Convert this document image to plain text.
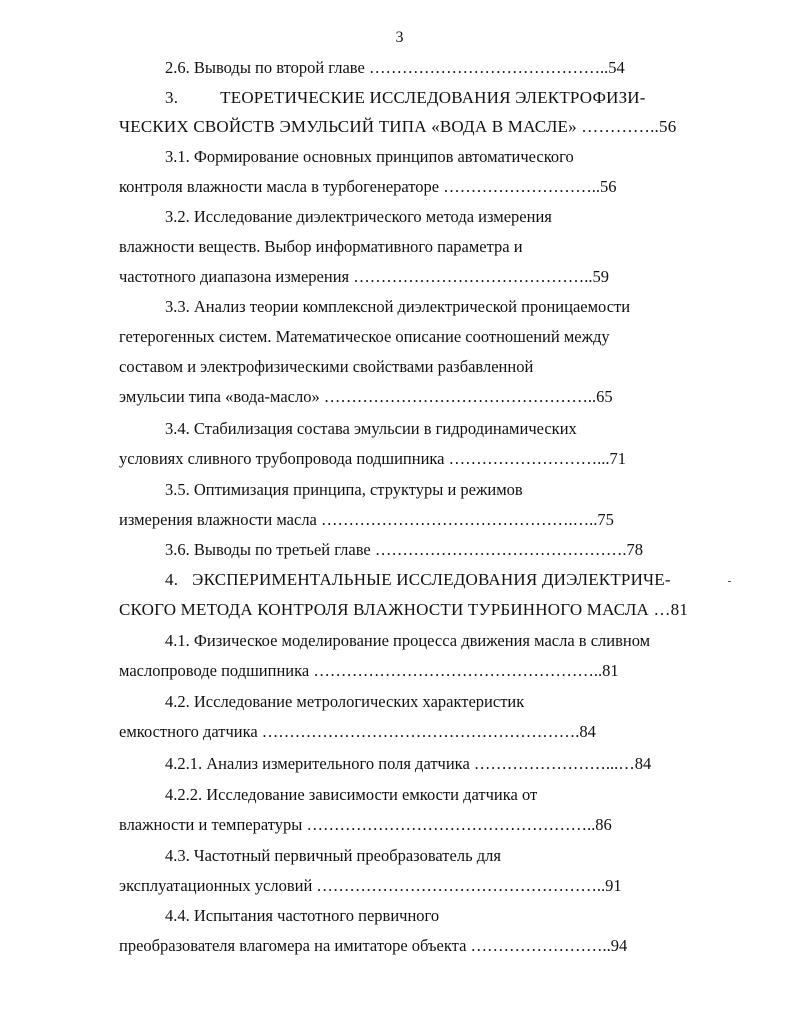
3
2.6. Выводы по второй главе ……………………………………..54
3. ТЕОРЕТИЧЕСКИЕ ИССЛЕДОВАНИЯ ЭЛЕКТРОФИЗИ-
ЧЕСКИХ СВОЙСТВ ЭМУЛЬСИЙ ТИПА «ВОДА В МАСЛЕ» …………..56
3.1. Формирование основных принципов автоматического
контроля влажности масла в турбогенераторе ………………………..56
3.2. Исследование диэлектрического метода измерения
влажности веществ. Выбор информативного параметра и
частотного диапазона измерения ……………………………………..59
3.3. Анализ теории комплексной диэлектрической проницаемости
гетерогенных систем. Математическое описание соотношений между
составом и электрофизическими свойствами разбавленной
эмульсии типа «вода-масло» …………………………………………..65
3.4. Стабилизация состава эмульсии в гидродинамических
условиях сливного трубопровода подшипника ………………………...71
3.5. Оптимизация принципа, структуры и режимов
измерения влажности масла ……………………………………….…..75
3.6. Выводы по третьей главе ……………………………………….78
4. ЭКСПЕРИМЕНТАЛЬНЫЕ ИССЛЕДОВАНИЯ ДИЭЛЕКТРИЧЕ-
СКОГО МЕТОДА КОНТРОЛЯ ВЛАЖНОСТИ ТУРБИННОГО МАСЛА …81
4.1. Физическое моделирование процесса движения масла в сливном
маслопроводе подшипника ……………………………………………..81
4.2. Исследование метрологических характеристик
емкостного датчика ………………………………………………….84
4.2.1. Анализ измерительного поля датчика ……………………...…84
4.2.2. Исследование зависимости емкости датчика от
влажности и температуры ……………………………………………..86
4.3. Частотный первичный преобразователь для
эксплуатационных условий ……………………………………………..91
4.4. Испытания частотного первичного
преобразователя влагомера на имитаторе объекта ……………………..94
